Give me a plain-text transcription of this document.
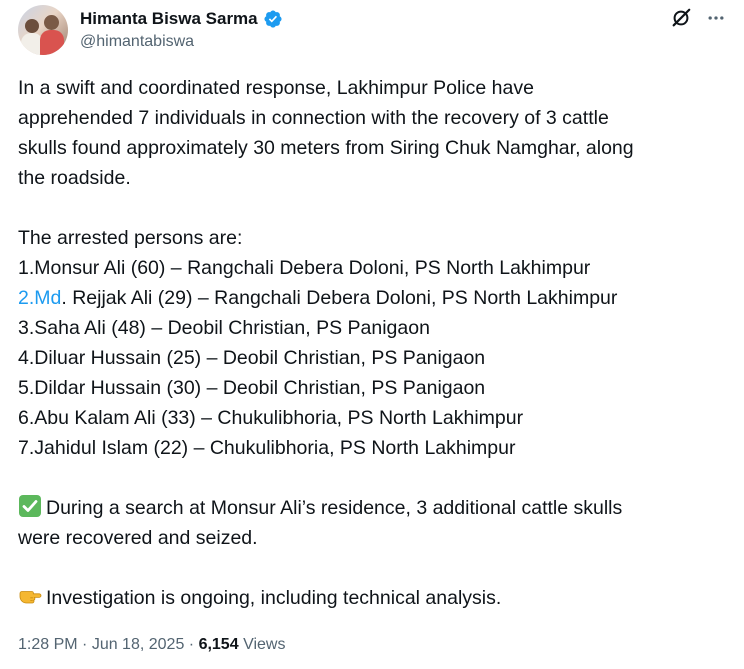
Himanta Biswa Sarma
@himantabiswa
In a swift and coordinated response, Lakhimpur Police have
apprehended 7 individuals in connection with the recovery of 3 cattle
skulls found approximately 30 meters from Siring Chuk Namghar, along
the roadside.
The arrested persons are:
1.Monsur Ali (60) – Rangchali Debera Doloni, PS North Lakhimpur
2.Md. Rejjak Ali (29) – Rangchali Debera Doloni, PS North Lakhimpur
3.Saha Ali (48) – Deobil Christian, PS Panigaon
4.Diluar Hussain (25) – Deobil Christian, PS Panigaon
5.Dildar Hussain (30) – Deobil Christian, PS Panigaon
6.Abu Kalam Ali (33) – Chukulibhoria, PS North Lakhimpur
7.Jahidul Islam (22) – Chukulibhoria, PS North Lakhimpur
During a search at Monsur Ali’s residence, 3 additional cattle skulls
were recovered and seized.
Investigation is ongoing, including technical analysis.
1:28 PM · Jun 18, 2025 · 6,154 Views
